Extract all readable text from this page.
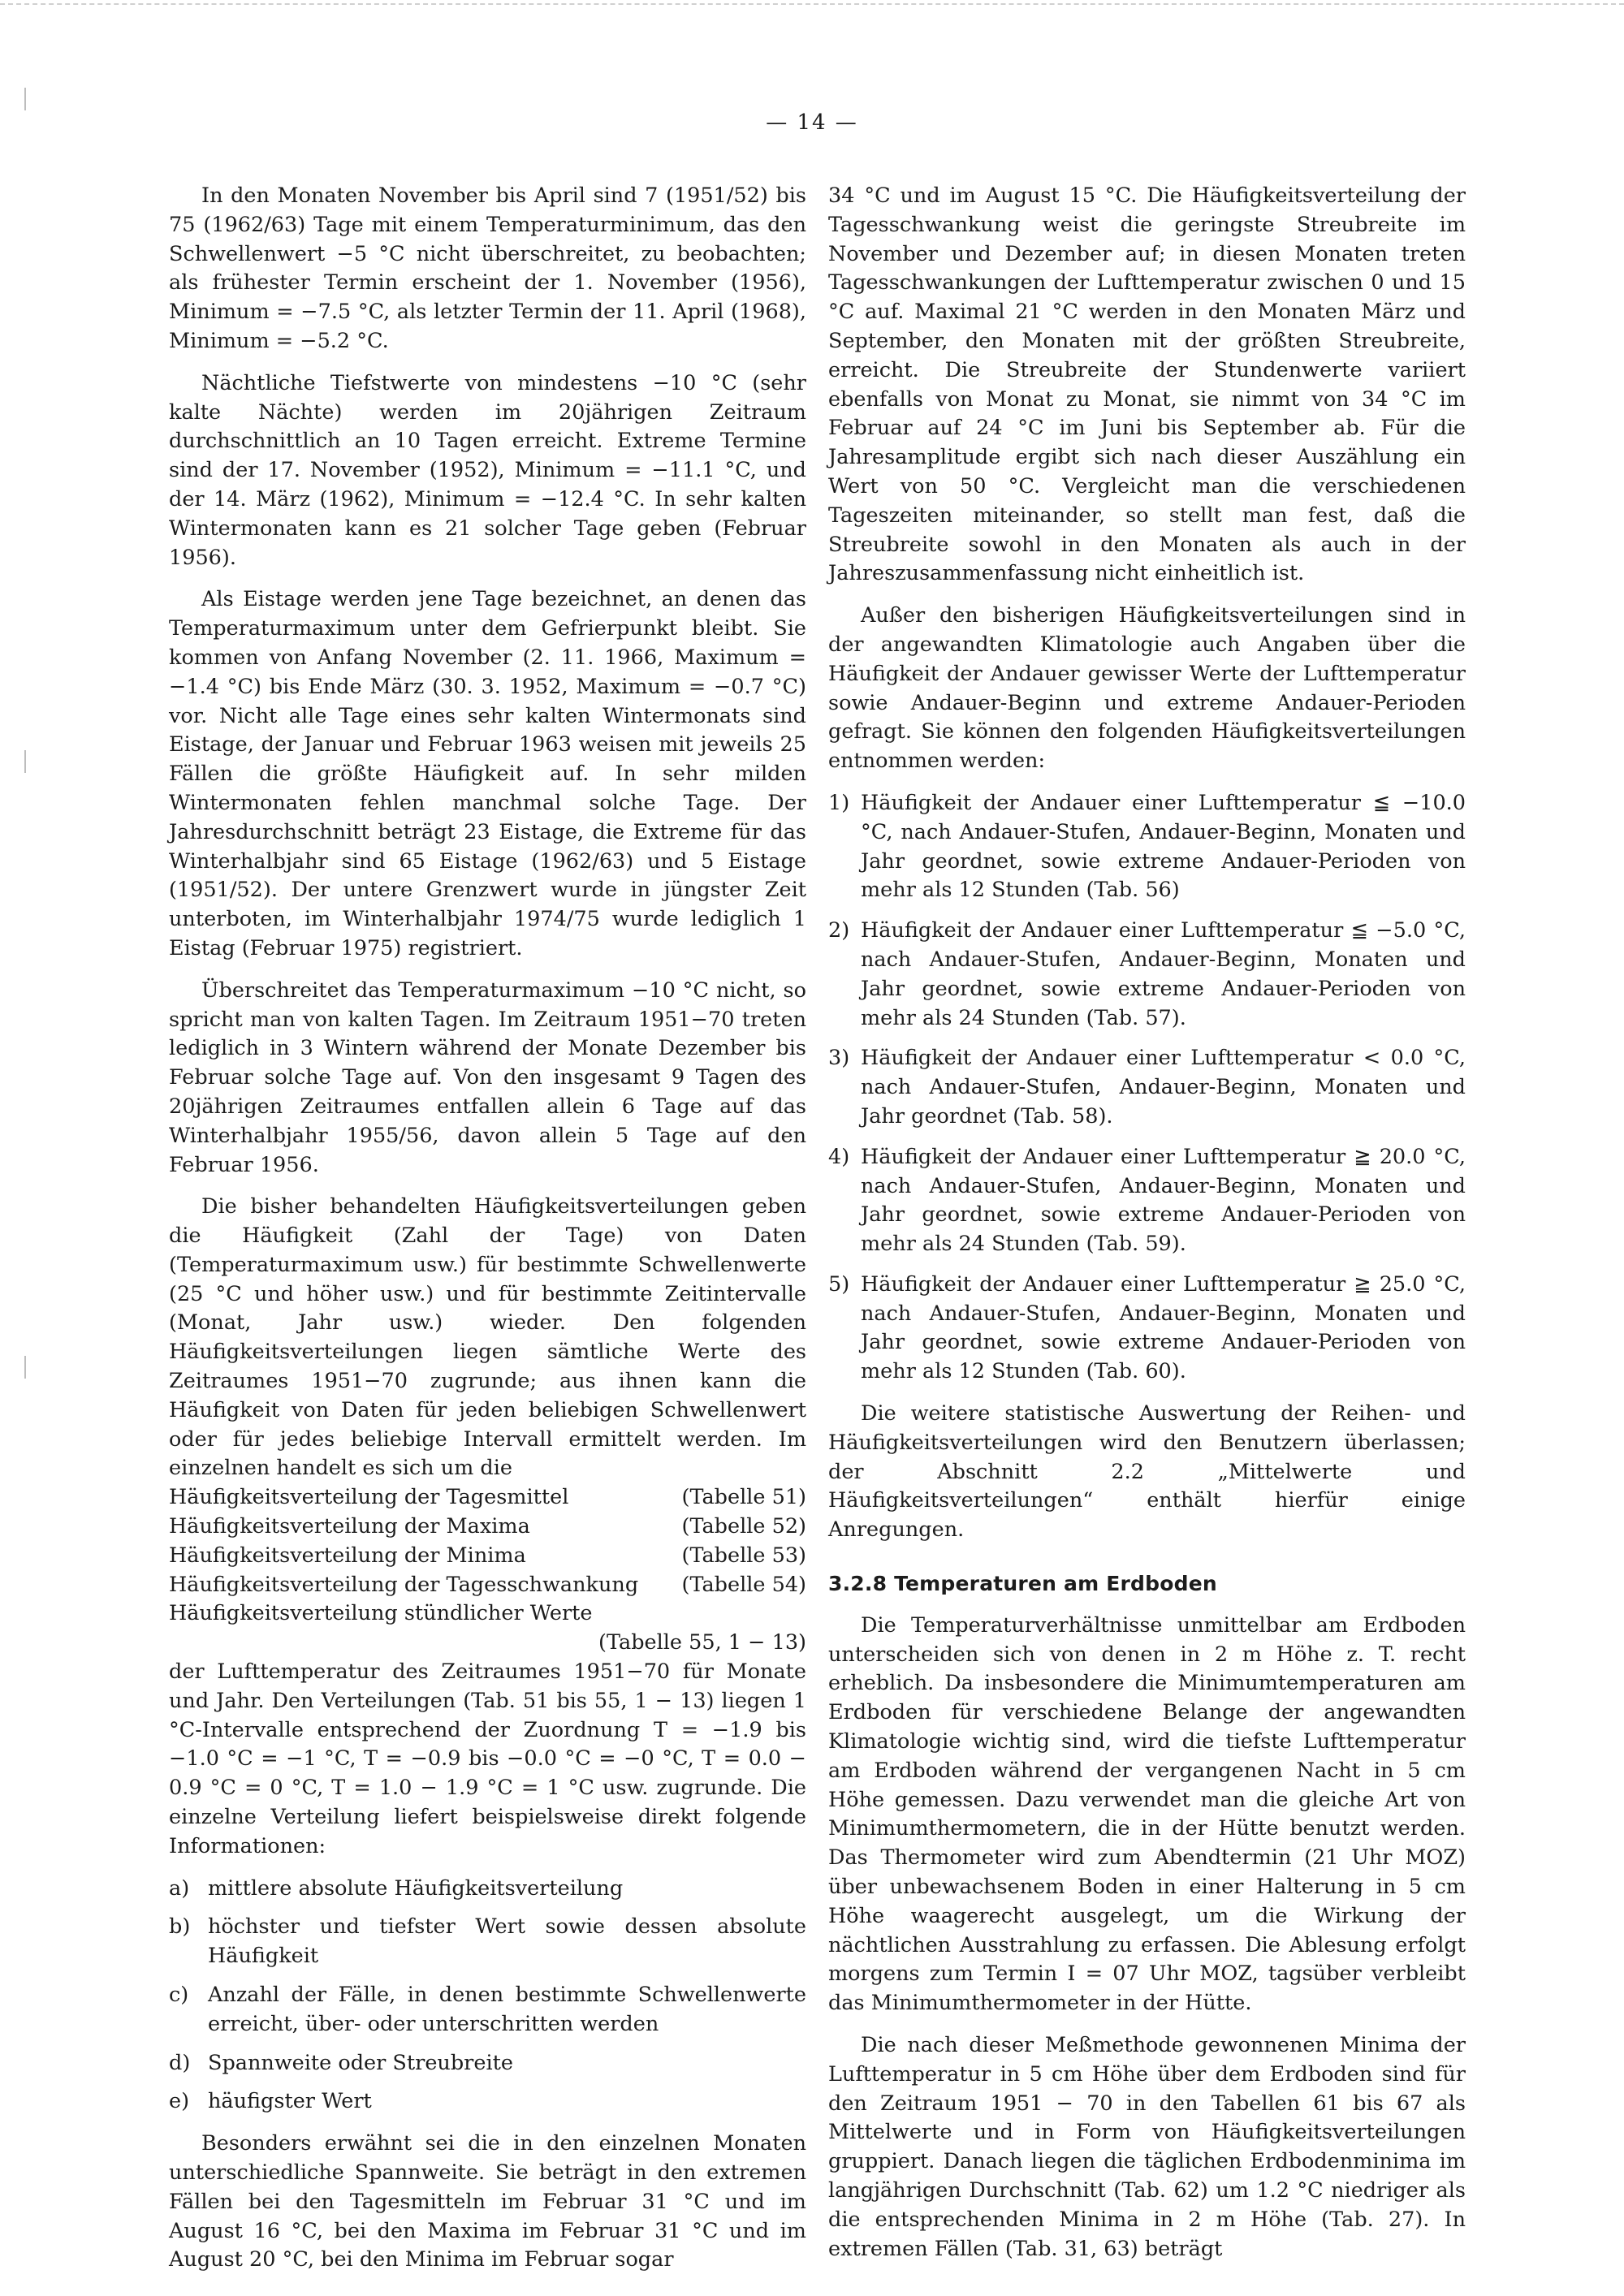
— 14 —

In den Monaten November bis April sind 7 (1951/52) bis 75 (1962/63) Tage mit einem Temperaturminimum, das den Schwellenwert −5 °C nicht überschreitet, zu beobachten; als frühester Termin erscheint der 1. November (1956), Minimum = −7.5 °C, als letzter Termin der 11. April (1968), Minimum = −5.2 °C.

Nächtliche Tiefstwerte von mindestens −10 °C (sehr kalte Nächte) werden im 20jährigen Zeitraum durchschnittlich an 10 Tagen erreicht. Extreme Termine sind der 17. November (1952), Minimum = −11.1 °C, und der 14. März (1962), Minimum = −12.4 °C. In sehr kalten Wintermonaten kann es 21 solcher Tage geben (Februar 1956).

Als Eistage werden jene Tage bezeichnet, an denen das Temperaturmaximum unter dem Gefrierpunkt bleibt. Sie kommen von Anfang November (2. 11. 1966, Maximum = −1.4 °C) bis Ende März (30. 3. 1952, Maximum = −0.7 °C) vor. Nicht alle Tage eines sehr kalten Wintermonats sind Eistage, der Januar und Februar 1963 weisen mit jeweils 25 Fällen die größte Häufigkeit auf. In sehr milden Wintermonaten fehlen manchmal solche Tage. Der Jahresdurchschnitt beträgt 23 Eistage, die Extreme für das Winterhalbjahr sind 65 Eistage (1962/63) und 5 Eistage (1951/52). Der untere Grenzwert wurde in jüngster Zeit unterboten, im Winterhalbjahr 1974/75 wurde lediglich 1 Eistag (Februar 1975) registriert.

Überschreitet das Temperaturmaximum −10 °C nicht, so spricht man von kalten Tagen. Im Zeitraum 1951−70 treten lediglich in 3 Wintern während der Monate Dezember bis Februar solche Tage auf. Von den insgesamt 9 Tagen des 20jährigen Zeitraumes entfallen allein 6 Tage auf das Winterhalbjahr 1955/56, davon allein 5 Tage auf den Februar 1956.

Die bisher behandelten Häufigkeitsverteilungen geben die Häufigkeit (Zahl der Tage) von Daten (Temperaturmaximum usw.) für bestimmte Schwellenwerte (25 °C und höher usw.) und für bestimmte Zeitintervalle (Monat, Jahr usw.) wieder. Den folgenden Häufigkeitsverteilungen liegen sämtliche Werte des Zeitraumes 1951−70 zugrunde; aus ihnen kann die Häufigkeit von Daten für jeden beliebigen Schwellenwert oder für jedes beliebige Intervall ermittelt werden. Im einzelnen handelt es sich um die

Häufigkeitsverteilung der Tagesmittel	(Tabelle 51)
Häufigkeitsverteilung der Maxima	(Tabelle 52)
Häufigkeitsverteilung der Minima	(Tabelle 53)
Häufigkeitsverteilung der Tagesschwankung (Tabelle 54)
Häufigkeitsverteilung stündlicher Werte
(Tabelle 55, 1 − 13)

der Lufttemperatur des Zeitraumes 1951−70 für Monate und Jahr. Den Verteilungen (Tab. 51 bis 55, 1 − 13) liegen 1 °C-Intervalle entsprechend der Zuordnung T = −1.9 bis −1.0 °C = −1 °C, T = −0.9 bis −0.0 °C = −0 °C, T = 0.0 − 0.9 °C = 0 °C, T = 1.0 − 1.9 °C = 1 °C usw. zugrunde. Die einzelne Verteilung liefert beispielsweise direkt folgende Informationen:

a) mittlere absolute Häufigkeitsverteilung
b) höchster und tiefster Wert sowie dessen absolute Häufigkeit
c) Anzahl der Fälle, in denen bestimmte Schwellenwerte erreicht, über- oder unterschritten werden
d) Spannweite oder Streubreite
e) häufigster Wert

Besonders erwähnt sei die in den einzelnen Monaten unterschiedliche Spannweite. Sie beträgt in den extremen Fällen bei den Tagesmitteln im Februar 31 °C und im August 16 °C, bei den Maxima im Februar 31 °C und im August 20 °C, bei den Minima im Februar sogar

34 °C und im August 15 °C. Die Häufigkeitsverteilung der Tagesschwankung weist die geringste Streubreite im November und Dezember auf; in diesen Monaten treten Tagesschwankungen der Lufttemperatur zwischen 0 und 15 °C auf. Maximal 21 °C werden in den Monaten März und September, den Monaten mit der größten Streubreite, erreicht. Die Streubreite der Stundenwerte variiert ebenfalls von Monat zu Monat, sie nimmt von 34 °C im Februar auf 24 °C im Juni bis September ab. Für die Jahresamplitude ergibt sich nach dieser Auszählung ein Wert von 50 °C. Vergleicht man die verschiedenen Tageszeiten miteinander, so stellt man fest, daß die Streubreite sowohl in den Monaten als auch in der Jahreszusammenfassung nicht einheitlich ist.

Außer den bisherigen Häufigkeitsverteilungen sind in der angewandten Klimatologie auch Angaben über die Häufigkeit der Andauer gewisser Werte der Lufttemperatur sowie Andauer-Beginn und extreme Andauer-Perioden gefragt. Sie können den folgenden Häufigkeitsverteilungen entnommen werden:

1) Häufigkeit der Andauer einer Lufttemperatur ≦ −10.0 °C, nach Andauer-Stufen, Andauer-Beginn, Monaten und Jahr geordnet, sowie extreme Andauer-Perioden von mehr als 12 Stunden (Tab. 56)
2) Häufigkeit der Andauer einer Lufttemperatur ≦ −5.0 °C, nach Andauer-Stufen, Andauer-Beginn, Monaten und Jahr geordnet, sowie extreme Andauer-Perioden von mehr als 24 Stunden (Tab. 57).
3) Häufigkeit der Andauer einer Lufttemperatur < 0.0 °C, nach Andauer-Stufen, Andauer-Beginn, Monaten und Jahr geordnet (Tab. 58).
4) Häufigkeit der Andauer einer Lufttemperatur ≧ 20.0 °C, nach Andauer-Stufen, Andauer-Beginn, Monaten und Jahr geordnet, sowie extreme Andauer-Perioden von mehr als 24 Stunden (Tab. 59).
5) Häufigkeit der Andauer einer Lufttemperatur ≧ 25.0 °C, nach Andauer-Stufen, Andauer-Beginn, Monaten und Jahr geordnet, sowie extreme Andauer-Perioden von mehr als 12 Stunden (Tab. 60).

Die weitere statistische Auswertung der Reihen- und Häufigkeitsverteilungen wird den Benutzern überlassen; der Abschnitt 2.2 „Mittelwerte und Häufigkeitsverteilungen“ enthält hierfür einige Anregungen.

3.2.8 Temperaturen am Erdboden

Die Temperaturverhältnisse unmittelbar am Erdboden unterscheiden sich von denen in 2 m Höhe z. T. recht erheblich. Da insbesondere die Minimumtemperaturen am Erdboden für verschiedene Belange der angewandten Klimatologie wichtig sind, wird die tiefste Lufttemperatur am Erdboden während der vergangenen Nacht in 5 cm Höhe gemessen. Dazu verwendet man die gleiche Art von Minimumthermometern, die in der Hütte benutzt werden. Das Thermometer wird zum Abendtermin (21 Uhr MOZ) über unbewachsenem Boden in einer Halterung in 5 cm Höhe waagerecht ausgelegt, um die Wirkung der nächtlichen Ausstrahlung zu erfassen. Die Ablesung erfolgt morgens zum Termin I = 07 Uhr MOZ, tagsüber verbleibt das Minimumthermometer in der Hütte.

Die nach dieser Meßmethode gewonnenen Minima der Lufttemperatur in 5 cm Höhe über dem Erdboden sind für den Zeitraum 1951 − 70 in den Tabellen 61 bis 67 als Mittelwerte und in Form von Häufigkeitsverteilungen gruppiert. Danach liegen die täglichen Erdbodenminima im langjährigen Durchschnitt (Tab. 62) um 1.2 °C niedriger als die entsprechenden Minima in 2 m Höhe (Tab. 27). In extremen Fällen (Tab. 31, 63) beträgt
